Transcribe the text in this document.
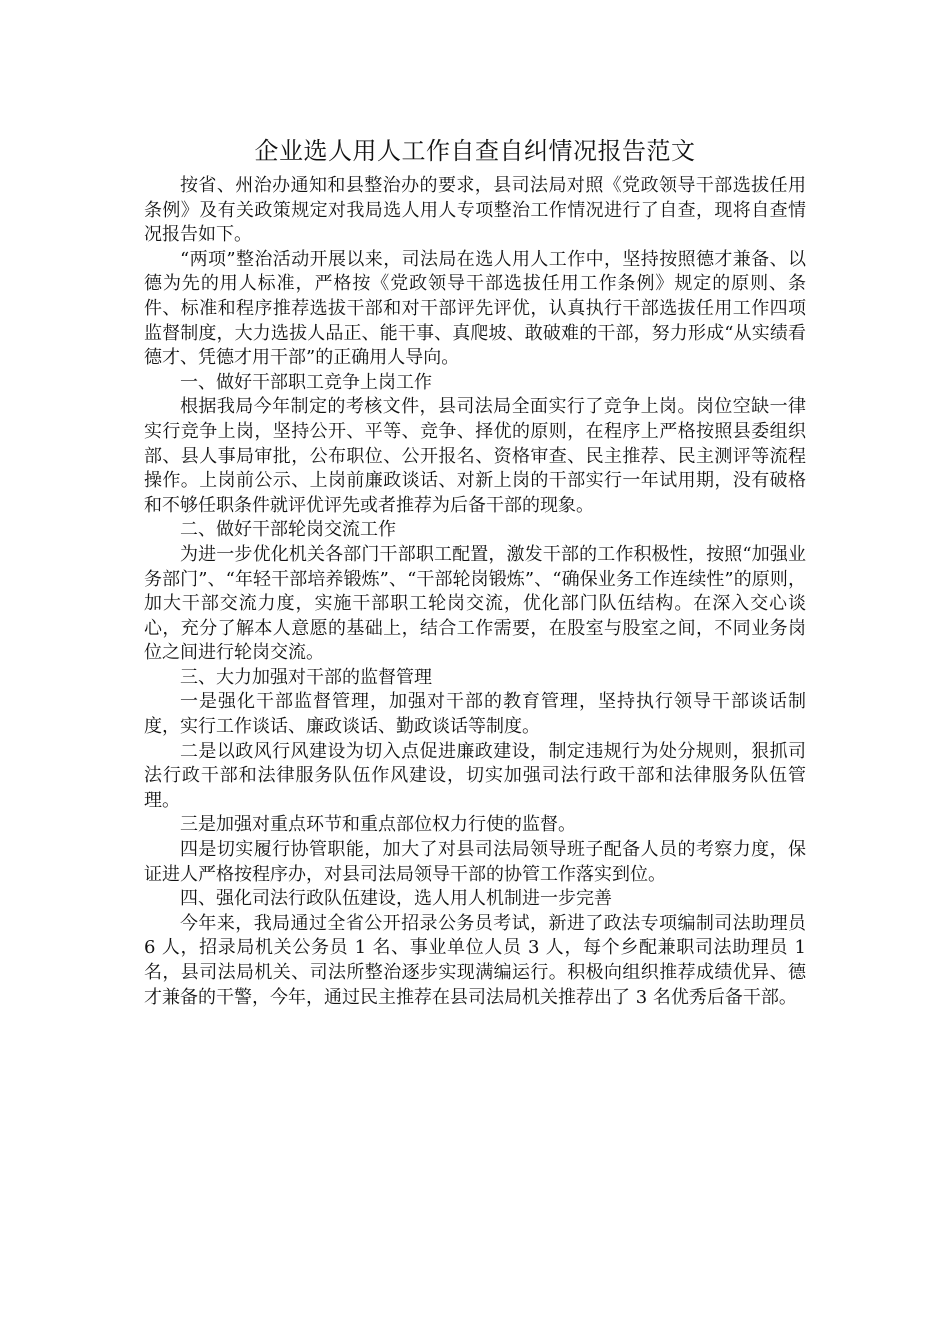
企业选人用人工作自查自纠情况报告范文

按省、州治办通知和县整治办的要求，县司法局对照《党政领导干部选拔任用条例》及有关政策规定对我局选人用人专项整治工作情况进行了自查，现将自查情况报告如下。

“两项”整治活动开展以来，司法局在选人用人工作中，坚持按照德才兼备、以德为先的用人标准，严格按《党政领导干部选拔任用工作条例》规定的原则、条件、标准和程序推荐选拔干部和对干部评先评优，认真执行干部选拔任用工作四项监督制度，大力选拔人品正、能干事、真爬坡、敢破难的干部，努力形成“从实绩看德才、凭德才用干部”的正确用人导向。

一、做好干部职工竞争上岗工作

根据我局今年制定的考核文件，县司法局全面实行了竞争上岗。岗位空缺一律实行竞争上岗，坚持公开、平等、竞争、择优的原则，在程序上严格按照县委组织部、县人事局审批，公布职位、公开报名、资格审查、民主推荐、民主测评等流程操作。上岗前公示、上岗前廉政谈话、对新上岗的干部实行一年试用期，没有破格和不够任职条件就评优评先或者推荐为后备干部的现象。

二、做好干部轮岗交流工作

为进一步优化机关各部门干部职工配置，激发干部的工作积极性，按照“加强业务部门”、“年轻干部培养锻炼”、“干部轮岗锻炼”、“确保业务工作连续性”的原则，加大干部交流力度，实施干部职工轮岗交流，优化部门队伍结构。在深入交心谈心，充分了解本人意愿的基础上，结合工作需要，在股室与股室之间，不同业务岗位之间进行轮岗交流。

三、大力加强对干部的监督管理

一是强化干部监督管理，加强对干部的教育管理，坚持执行领导干部谈话制度，实行工作谈话、廉政谈话、勤政谈话等制度。

二是以政风行风建设为切入点促进廉政建设，制定违规行为处分规则，狠抓司法行政干部和法律服务队伍作风建设，切实加强司法行政干部和法律服务队伍管理。

三是加强对重点环节和重点部位权力行使的监督。

四是切实履行协管职能，加大了对县司法局领导班子配备人员的考察力度，保证进人严格按程序办，对县司法局领导干部的协管工作落实到位。

四、强化司法行政队伍建设，选人用人机制进一步完善

今年来，我局通过全省公开招录公务员考试，新进了政法专项编制司法助理员 6 人，招录局机关公务员 1 名、事业单位人员 3 人，每个乡配兼职司法助理员 1 名，县司法局机关、司法所整治逐步实现满编运行。积极向组织推荐成绩优异、德才兼备的干警，今年，通过民主推荐在县司法局机关推荐出了 3 名优秀后备干部。
